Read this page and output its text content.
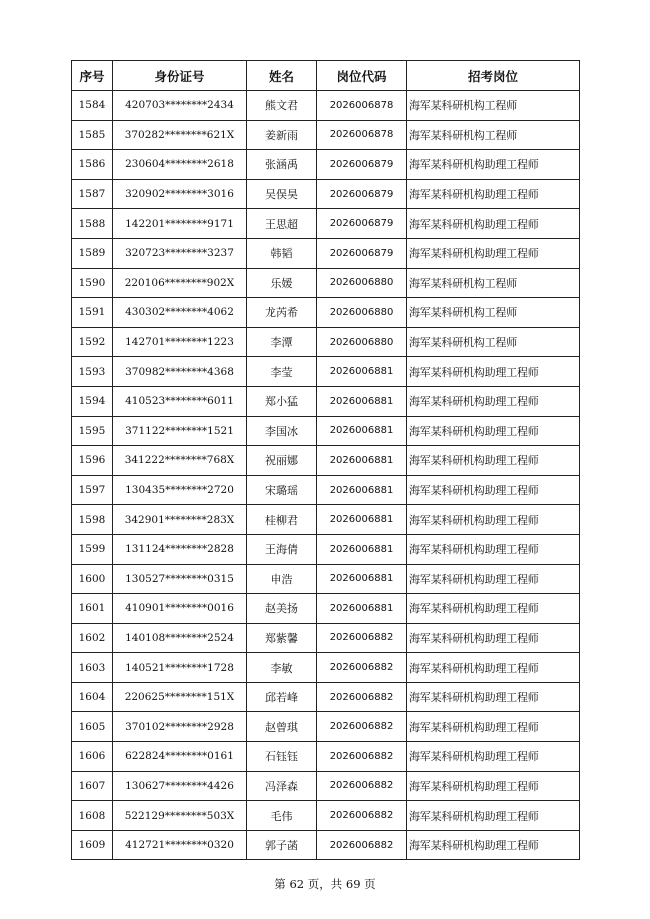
序号	身份证号	姓名	岗位代码	招考岗位
1584	420703********2434	熊文君	2026006878	海军某科研机构工程师
1585	370282********621X	姜新雨	2026006878	海军某科研机构工程师
1586	230604********2618	张涵禹	2026006879	海军某科研机构助理工程师
1587	320902********3016	吴俣昊	2026006879	海军某科研机构助理工程师
1588	142201********9171	王思超	2026006879	海军某科研机构助理工程师
1589	320723********3237	韩韬	2026006879	海军某科研机构助理工程师
1590	220106********902X	乐媛	2026006880	海军某科研机构工程师
1591	430302********4062	龙芮希	2026006880	海军某科研机构工程师
1592	142701********1223	李潭	2026006880	海军某科研机构工程师
1593	370982********4368	李莹	2026006881	海军某科研机构助理工程师
1594	410523********6011	郑小猛	2026006881	海军某科研机构助理工程师
1595	371122********1521	李国冰	2026006881	海军某科研机构助理工程师
1596	341222********768X	祝丽娜	2026006881	海军某科研机构助理工程师
1597	130435********2720	宋璐瑶	2026006881	海军某科研机构助理工程师
1598	342901********283X	桂柳君	2026006881	海军某科研机构助理工程师
1599	131124********2828	王海倩	2026006881	海军某科研机构助理工程师
1600	130527********0315	申浩	2026006881	海军某科研机构助理工程师
1601	410901********0016	赵美扬	2026006881	海军某科研机构助理工程师
1602	140108********2524	郑紫馨	2026006882	海军某科研机构助理工程师
1603	140521********1728	李敏	2026006882	海军某科研机构助理工程师
1604	220625********151X	邱若峰	2026006882	海军某科研机构助理工程师
1605	370102********2928	赵曾琪	2026006882	海军某科研机构助理工程师
1606	622824********0161	石钰钰	2026006882	海军某科研机构助理工程师
1607	130627********4426	冯泽森	2026006882	海军某科研机构助理工程师
1608	522129********503X	毛伟	2026006882	海军某科研机构助理工程师
1609	412721********0320	郭子菡	2026006882	海军某科研机构助理工程师
第 62 页，共 69 页
